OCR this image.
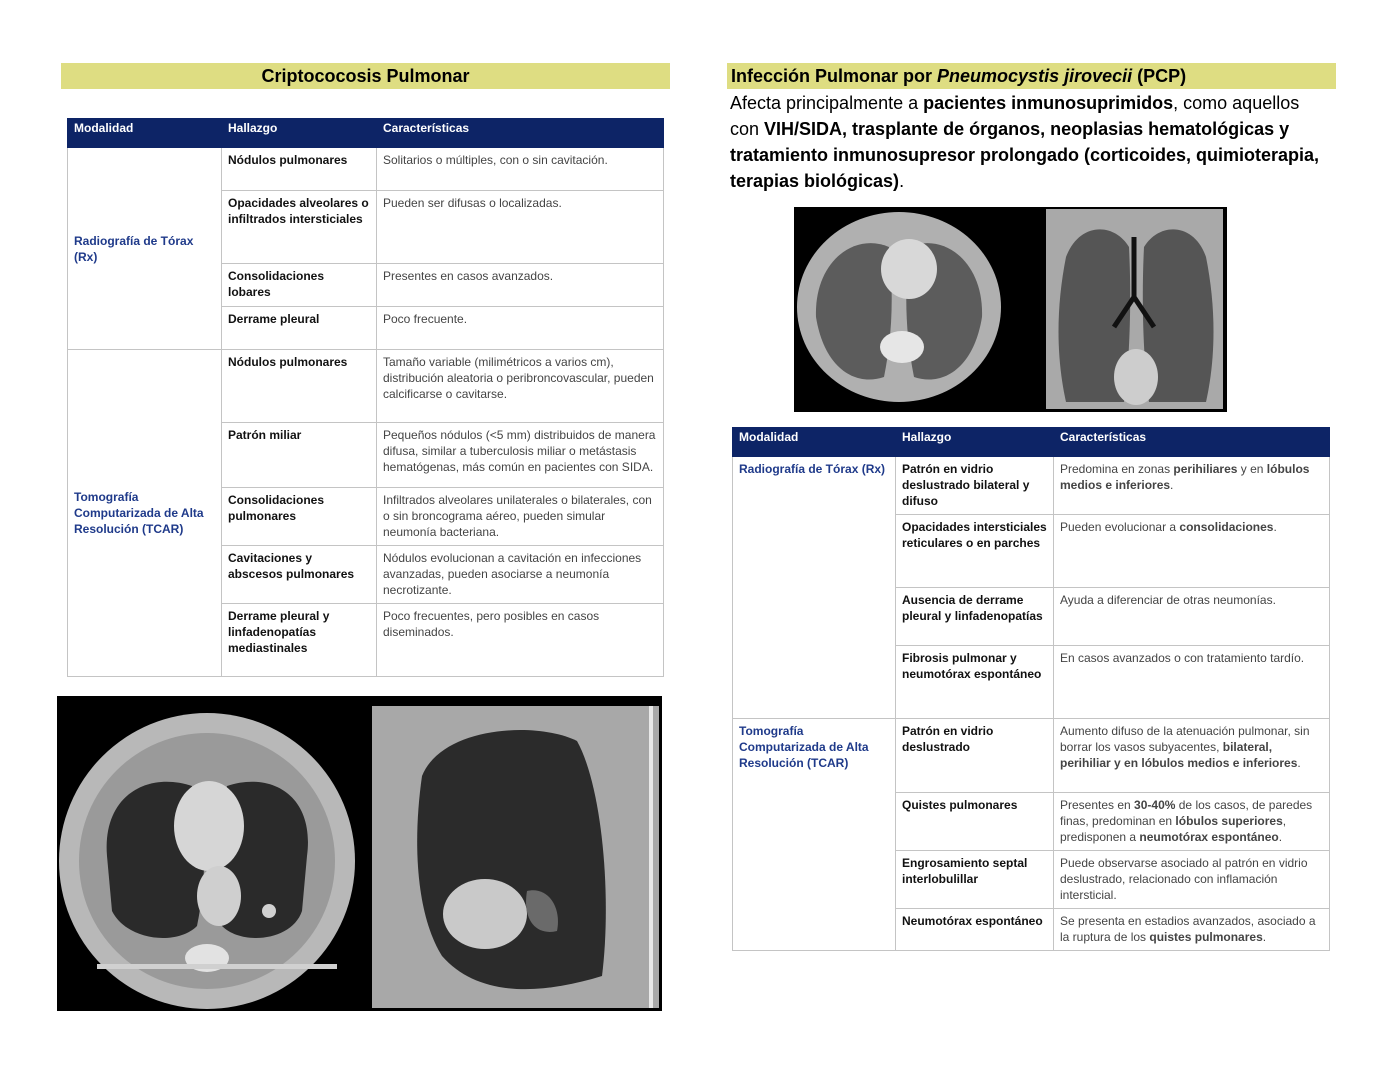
Criptococosis Pulmonar
Modalidad	Hallazgo	Características
Radiografía de Tórax (Rx)	Nódulos pulmonares	Solitarios o múltiples, con o sin cavitación.
	Opacidades alveolares o infiltrados intersticiales	Pueden ser difusas o localizadas.
	Consolidaciones lobares	Presentes en casos avanzados.
	Derrame pleural	Poco frecuente.
Tomografía Computarizada de Alta Resolución (TCAR)	Nódulos pulmonares	Tamaño variable (milimétricos a varios cm), distribución aleatoria o peribroncovascular, pueden calcificarse o cavitarse.
	Patrón miliar	Pequeños nódulos (<5 mm) distribuidos de manera difusa, similar a tuberculosis miliar o metástasis hematógenas, más común en pacientes con SIDA.
	Consolidaciones pulmonares	Infiltrados alveolares unilaterales o bilaterales, con o sin broncograma aéreo, pueden simular neumonía bacteriana.
	Cavitaciones y abscesos pulmonares	Nódulos evolucionan a cavitación en infecciones avanzadas, pueden asociarse a neumonía necrotizante.
	Derrame pleural y linfadenopatías mediastinales	Poco frecuentes, pero posibles en casos diseminados.
Infección Pulmonar por Pneumocystis jirovecii (PCP)
Afecta principalmente a pacientes inmunosuprimidos, como aquellos con VIH/SIDA, trasplante de órganos, neoplasias hematológicas y tratamiento inmunosupresor prolongado (corticoides, quimioterapia, terapias biológicas).
Modalidad	Hallazgo	Características
Radiografía de Tórax (Rx)	Patrón en vidrio deslustrado bilateral y difuso	Predomina en zonas perihiliares y en lóbulos medios e inferiores.
	Opacidades intersticiales reticulares o en parches	Pueden evolucionar a consolidaciones.
	Ausencia de derrame pleural y linfadenopatías	Ayuda a diferenciar de otras neumonías.
	Fibrosis pulmonar y neumotórax espontáneo	En casos avanzados o con tratamiento tardío.
Tomografía Computarizada de Alta Resolución (TCAR)	Patrón en vidrio deslustrado	Aumento difuso de la atenuación pulmonar, sin borrar los vasos subyacentes, bilateral, perihiliar y en lóbulos medios e inferiores.
	Quistes pulmonares	Presentes en 30-40% de los casos, de paredes finas, predominan en lóbulos superiores, predisponen a neumotórax espontáneo.
	Engrosamiento septal interlobulillar	Puede observarse asociado al patrón en vidrio deslustrado, relacionado con inflamación intersticial.
	Neumotórax espontáneo	Se presenta en estadios avanzados, asociado a la ruptura de los quistes pulmonares.
